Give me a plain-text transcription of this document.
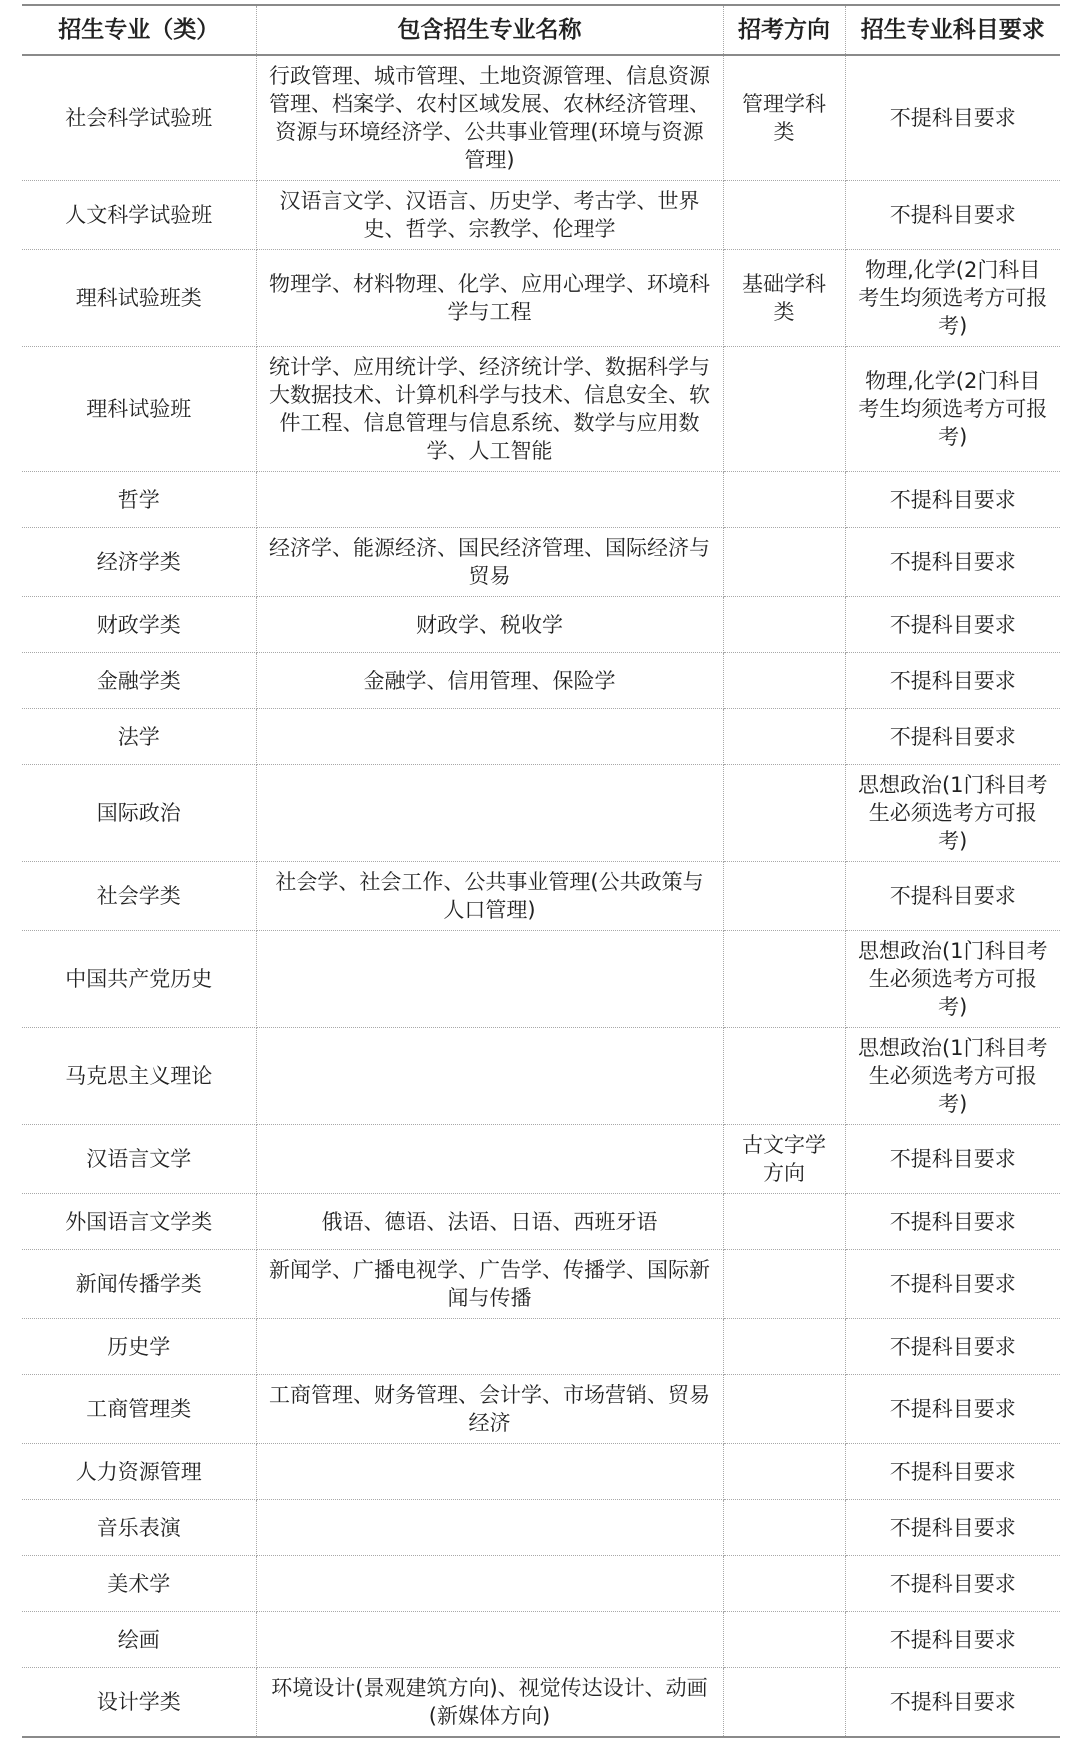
招生专业（类）	包含招生专业名称	招考方向	招生专业科目要求
社会科学试验班	行政管理、城市管理、土地资源管理、信息资源管理、档案学、农村区域发展、农林经济管理、资源与环境经济学、公共事业管理(环境与资源管理)	管理学科类	不提科目要求
人文科学试验班	汉语言文学、汉语言、历史学、考古学、世界史、哲学、宗教学、伦理学		不提科目要求
理科试验班类	物理学、材料物理、化学、应用心理学、环境科学与工程	基础学科类	物理,化学(2门科目考生均须选考方可报考)
理科试验班	统计学、应用统计学、经济统计学、数据科学与大数据技术、计算机科学与技术、信息安全、软件工程、信息管理与信息系统、数学与应用数学、人工智能		物理,化学(2门科目考生均须选考方可报考)
哲学			不提科目要求
经济学类	经济学、能源经济、国民经济管理、国际经济与贸易		不提科目要求
财政学类	财政学、税收学		不提科目要求
金融学类	金融学、信用管理、保险学		不提科目要求
法学			不提科目要求
国际政治			思想政治(1门科目考生必须选考方可报考)
社会学类	社会学、社会工作、公共事业管理(公共政策与人口管理)		不提科目要求
中国共产党历史			思想政治(1门科目考生必须选考方可报考)
马克思主义理论			思想政治(1门科目考生必须选考方可报考)
汉语言文学		古文字学方向	不提科目要求
外国语言文学类	俄语、德语、法语、日语、西班牙语		不提科目要求
新闻传播学类	新闻学、广播电视学、广告学、传播学、国际新闻与传播		不提科目要求
历史学			不提科目要求
工商管理类	工商管理、财务管理、会计学、市场营销、贸易经济		不提科目要求
人力资源管理			不提科目要求
音乐表演			不提科目要求
美术学			不提科目要求
绘画			不提科目要求
设计学类	环境设计(景观建筑方向)、视觉传达设计、动画(新媒体方向)		不提科目要求
